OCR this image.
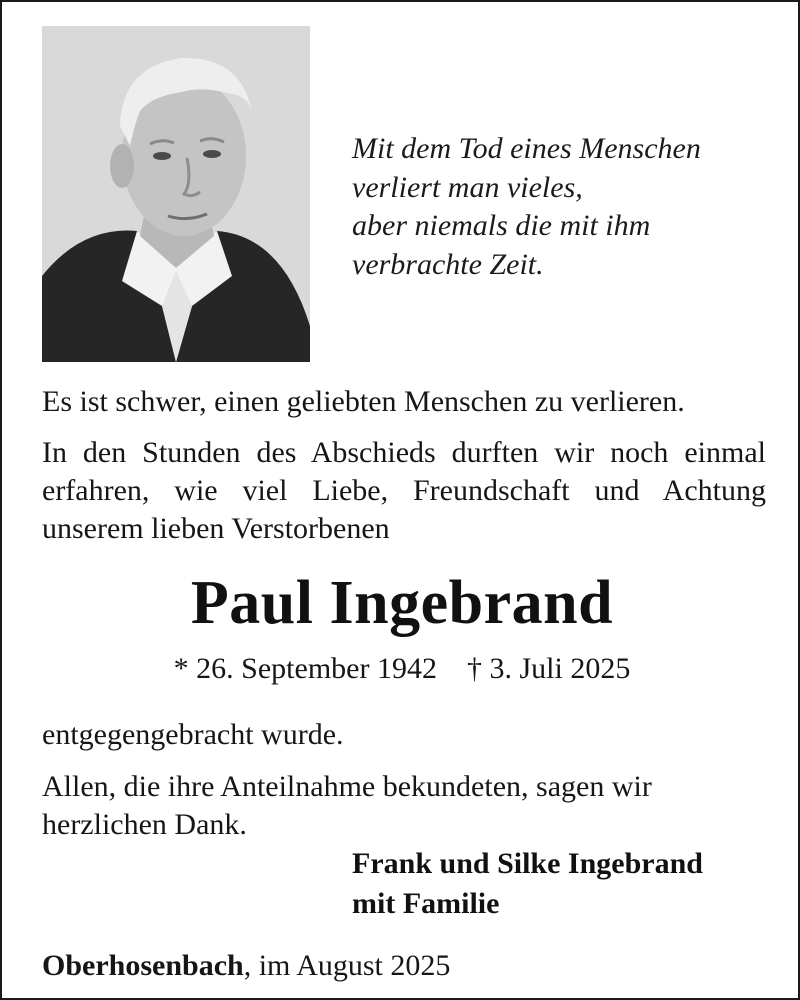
Mit dem Tod eines Menschen
verliert man vieles,
aber niemals die mit ihm
verbrachte Zeit.
Es ist schwer, einen geliebten Menschen zu verlieren.
In den Stunden des Abschieds durften wir noch einmal
erfahren, wie viel Liebe, Freundschaft und Achtung
unserem lieben Verstorbenen
Paul Ingebrand
* 26. September 1942 † 3. Juli 2025
entgegengebracht wurde.
Allen, die ihre Anteilnahme bekundeten, sagen wir
herzlichen Dank.
Frank und Silke Ingebrand
mit Familie
Oberhosenbach, im August 2025
